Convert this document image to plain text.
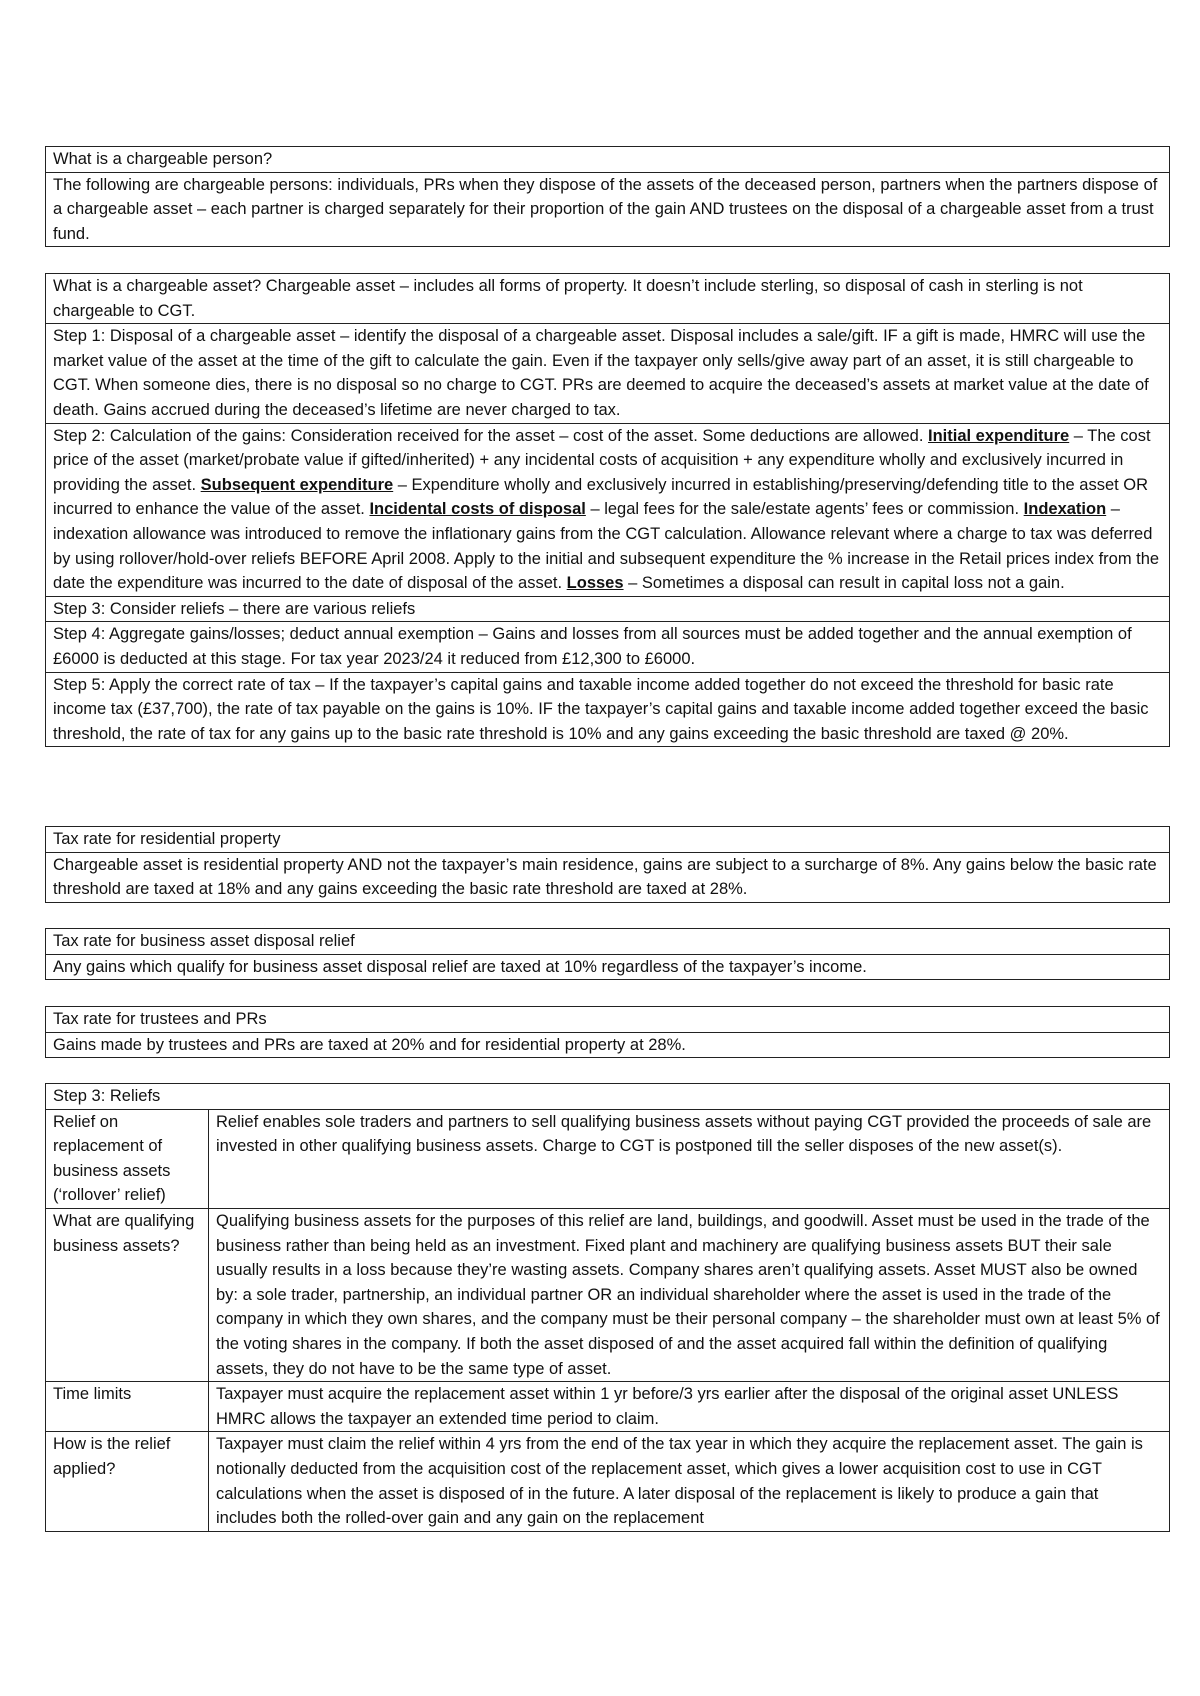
What is a chargeable person?
The following are chargeable persons: individuals, PRs when they dispose of the assets of the deceased person, partners when the partners dispose of a chargeable asset – each partner is charged separately for their proportion of the gain AND trustees on the disposal of a chargeable asset from a trust fund.
What is a chargeable asset? Chargeable asset – includes all forms of property. It doesn’t include sterling, so disposal of cash in sterling is not chargeable to CGT.
Step 1: Disposal of a chargeable asset – identify the disposal of a chargeable asset. Disposal includes a sale/gift. IF a gift is made, HMRC will use the market value of the asset at the time of the gift to calculate the gain. Even if the taxpayer only sells/give away part of an asset, it is still chargeable to CGT. When someone dies, there is no disposal so no charge to CGT. PRs are deemed to acquire the deceased’s assets at market value at the date of death. Gains accrued during the deceased’s lifetime are never charged to tax.
Step 2: Calculation of the gains: Consideration received for the asset – cost of the asset. Some deductions are allowed. Initial expenditure – The cost price of the asset (market/probate value if gifted/inherited) + any incidental costs of acquisition + any expenditure wholly and exclusively incurred in providing the asset. Subsequent expenditure – Expenditure wholly and exclusively incurred in establishing/preserving/defending title to the asset OR incurred to enhance the value of the asset. Incidental costs of disposal – legal fees for the sale/estate agents’ fees or commission. Indexation – indexation allowance was introduced to remove the inflationary gains from the CGT calculation. Allowance relevant where a charge to tax was deferred by using rollover/hold-over reliefs BEFORE April 2008. Apply to the initial and subsequent expenditure the % increase in the Retail prices index from the date the expenditure was incurred to the date of disposal of the asset. Losses – Sometimes a disposal can result in capital loss not a gain.
Step 3: Consider reliefs – there are various reliefs
Step 4: Aggregate gains/losses; deduct annual exemption – Gains and losses from all sources must be added together and the annual exemption of £6000 is deducted at this stage. For tax year 2023/24 it reduced from £12,300 to £6000.
Step 5: Apply the correct rate of tax – If the taxpayer’s capital gains and taxable income added together do not exceed the threshold for basic rate income tax (£37,700), the rate of tax payable on the gains is 10%. IF the taxpayer’s capital gains and taxable income added together exceed the basic threshold, the rate of tax for any gains up to the basic rate threshold is 10% and any gains exceeding the basic threshold are taxed @ 20%.
Tax rate for residential property
Chargeable asset is residential property AND not the taxpayer’s main residence, gains are subject to a surcharge of 8%. Any gains below the basic rate threshold are taxed at 18% and any gains exceeding the basic rate threshold are taxed at 28%.
Tax rate for business asset disposal relief
Any gains which qualify for business asset disposal relief are taxed at 10% regardless of the taxpayer’s income.
Tax rate for trustees and PRs
Gains made by trustees and PRs are taxed at 20% and for residential property at 28%.
Step 3: Reliefs	
Relief on replacement of business assets (‘rollover’ relief)	Relief enables sole traders and partners to sell qualifying business assets without paying CGT provided the proceeds of sale are invested in other qualifying business assets. Charge to CGT is postponed till the seller disposes of the new asset(s).
What are qualifying business assets?	Qualifying business assets for the purposes of this relief are land, buildings, and goodwill. Asset must be used in the trade of the business rather than being held as an investment. Fixed plant and machinery are qualifying business assets BUT their sale usually results in a loss because they’re wasting assets. Company shares aren’t qualifying assets. Asset MUST also be owned by: a sole trader, partnership, an individual partner OR an individual shareholder where the asset is used in the trade of the company in which they own shares, and the company must be their personal company – the shareholder must own at least 5% of the voting shares in the company. If both the asset disposed of and the asset acquired fall within the definition of qualifying assets, they do not have to be the same type of asset.
Time limits	Taxpayer must acquire the replacement asset within 1 yr before/3 yrs earlier after the disposal of the original asset UNLESS HMRC allows the taxpayer an extended time period to claim.
How is the relief applied?	Taxpayer must claim the relief within 4 yrs from the end of the tax year in which they acquire the replacement asset. The gain is notionally deducted from the acquisition cost of the replacement asset, which gives a lower acquisition cost to use in CGT calculations when the asset is disposed of in the future. A later disposal of the replacement is likely to produce a gain that includes both the rolled-over gain and any gain on the replacement
